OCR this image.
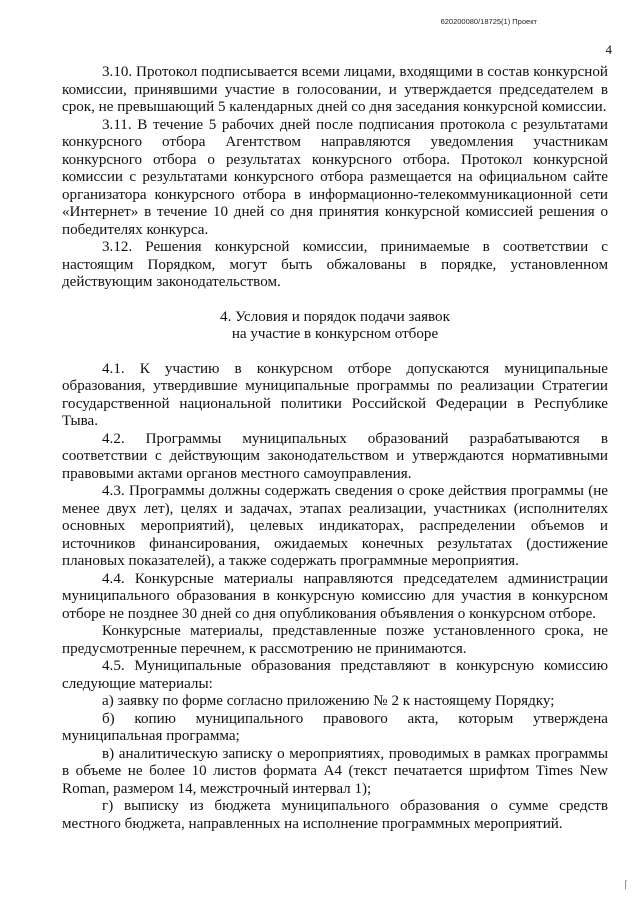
620200080/18725(1) Проект
4

3.10. Протокол подписывается всеми лицами, входящими в состав конкурсной комиссии, принявшими участие в голосовании, и утверждается председателем в срок, не превышающий 5 календарных дней со дня заседания конкурсной комиссии.

3.11. В течение 5 рабочих дней после подписания протокола с результатами конкурсного отбора Агентством направляются уведомления участникам конкурсного отбора о результатах конкурсного отбора. Протокол конкурсной комиссии с результатами конкурсного отбора размещается на официальном сайте организатора конкурсного отбора в информационно-телекоммуникационной сети «Интернет» в течение 10 дней со дня принятия конкурсной комиссией решения о победителях конкурса.

3.12. Решения конкурсной комиссии, принимаемые в соответствии с настоящим Порядком, могут быть обжалованы в порядке, установленном действующим законодательством.

4. Условия и порядок подачи заявок
на участие в конкурсном отборе

4.1. К участию в конкурсном отборе допускаются муниципальные образования, утвердившие муниципальные программы по реализации Стратегии государственной национальной политики Российской Федерации в Республике Тыва.

4.2. Программы муниципальных образований разрабатываются в соответствии с действующим законодательством и утверждаются нормативными правовыми актами органов местного самоуправления.

4.3. Программы должны содержать сведения о сроке действия программы (не менее двух лет), целях и задачах, этапах реализации, участниках (исполнителях основных мероприятий), целевых индикаторах, распределении объемов и источников финансирования, ожидаемых конечных результатах (достижение плановых показателей), а также содержать программные мероприятия.

4.4. Конкурсные материалы направляются председателем администрации муниципального образования в конкурсную комиссию для участия в конкурсном отборе не позднее 30 дней со дня опубликования объявления о конкурсном отборе.

Конкурсные материалы, представленные позже установленного срока, не предусмотренные перечнем, к рассмотрению не принимаются.

4.5. Муниципальные образования представляют в конкурсную комиссию следующие материалы:

а) заявку по форме согласно приложению № 2 к настоящему Порядку;

б) копию муниципального правового акта, которым утверждена муниципальная программа;

в) аналитическую записку о мероприятиях, проводимых в рамках программы в объеме не более 10 листов формата А4 (текст печатается шрифтом Times New Roman, размером 14, межстрочный интервал 1);

г) выписку из бюджета муниципального образования о сумме средств местного бюджета, направленных на исполнение программных мероприятий.

⌈
